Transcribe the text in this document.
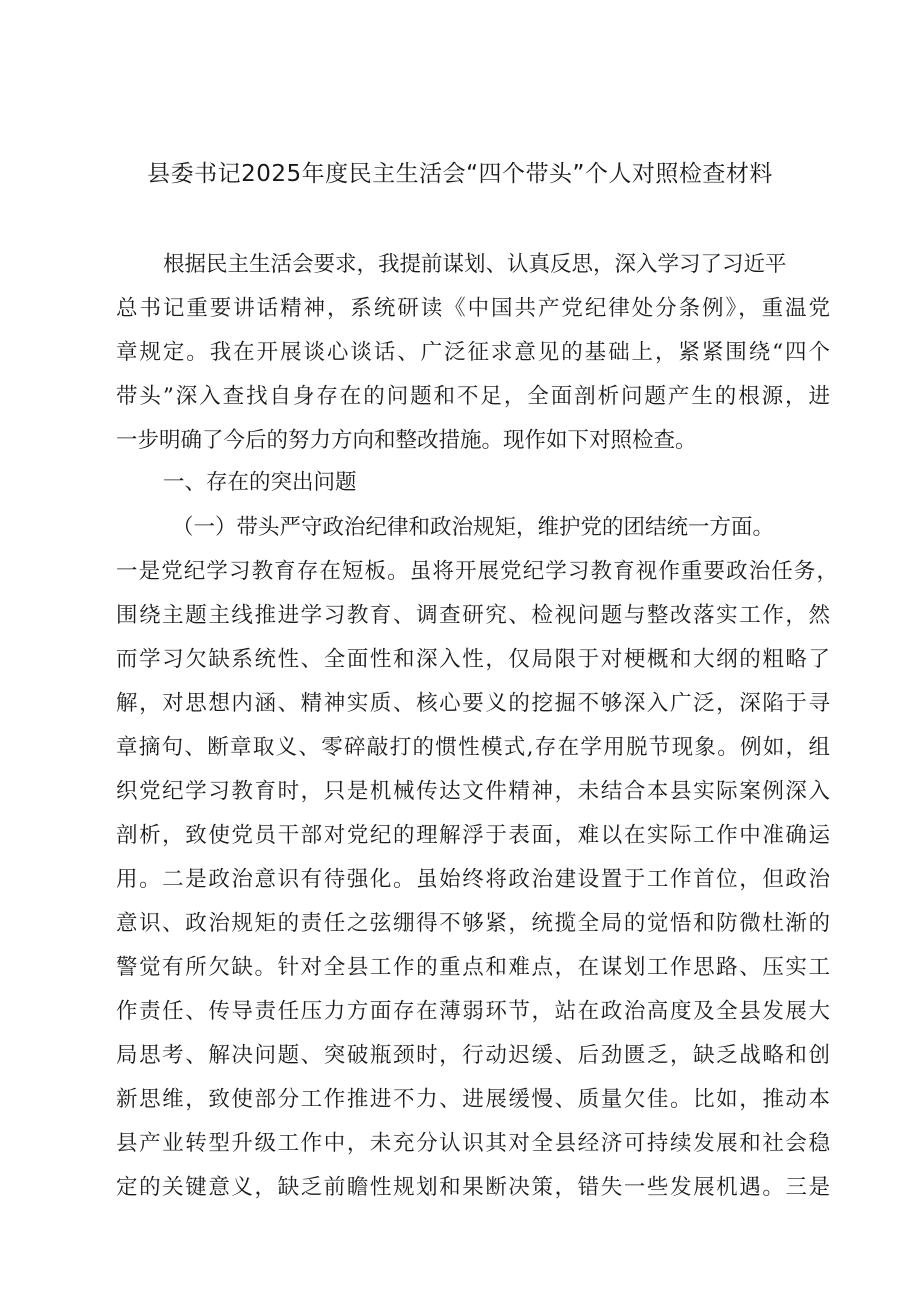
县委书记2025年度民主生活会“四个带头”个人对照检查材料
根据民主生活会要求，我提前谋划、认真反思，深入学习了习近平
总书记重要讲话精神，系统研读《中国共产党纪律处分条例》，重温党
章规定。我在开展谈心谈话、广泛征求意见的基础上，紧紧围绕“四个
带头”深入查找自身存在的问题和不足，全面剖析问题产生的根源，进
一步明确了今后的努力方向和整改措施。现作如下对照检查。
一、存在的突出问题
（一）带头严守政治纪律和政治规矩，维护党的团结统一方面。
一是党纪学习教育存在短板。虽将开展党纪学习教育视作重要政治任务，
围绕主题主线推进学习教育、调查研究、检视问题与整改落实工作，然
而学习欠缺系统性、全面性和深入性，仅局限于对梗概和大纲的粗略了
解，对思想内涵、精神实质、核心要义的挖掘不够深入广泛，深陷于寻
章摘句、断章取义、零碎敲打的惯性模式,存在学用脱节现象。例如，组
织党纪学习教育时，只是机械传达文件精神，未结合本县实际案例深入
剖析，致使党员干部对党纪的理解浮于表面，难以在实际工作中准确运
用。二是政治意识有待强化。虽始终将政治建设置于工作首位，但政治
意识、政治规矩的责任之弦绷得不够紧，统揽全局的觉悟和防微杜渐的
警觉有所欠缺。针对全县工作的重点和难点，在谋划工作思路、压实工
作责任、传导责任压力方面存在薄弱环节，站在政治高度及全县发展大
局思考、解决问题、突破瓶颈时，行动迟缓、后劲匮乏，缺乏战略和创
新思维，致使部分工作推进不力、进展缓慢、质量欠佳。比如，推动本
县产业转型升级工作中，未充分认识其对全县经济可持续发展和社会稳
定的关键意义，缺乏前瞻性规划和果断决策，错失一些发展机遇。三是
